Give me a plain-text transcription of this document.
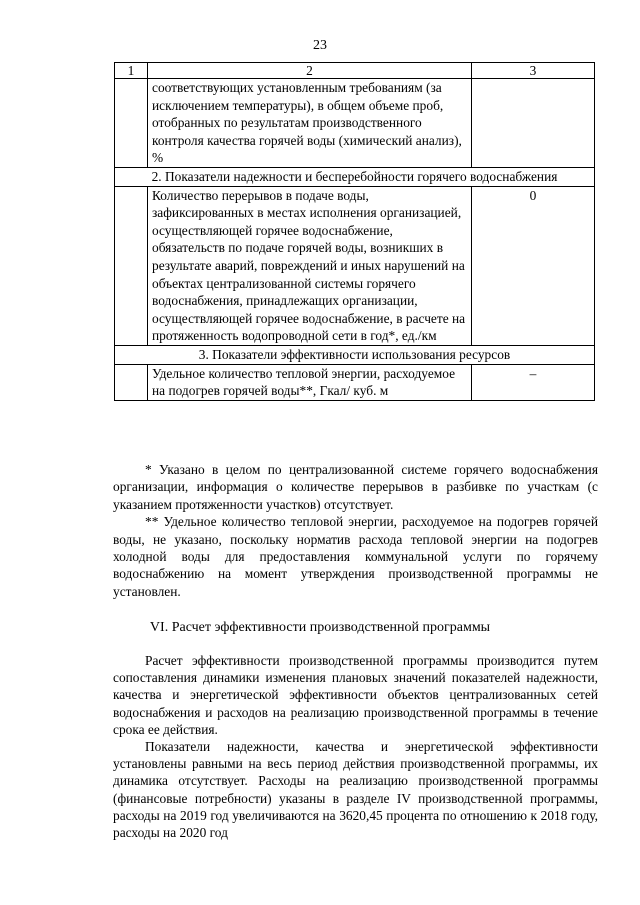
23
1	2	3
	соответствующих установленным требованиям (за исключением температуры), в общем объеме проб, отобранных по результатам производственного контроля качества горячей воды (химический анализ), %	
2. Показатели надежности и бесперебойности горячего водоснабжения		
	Количество перерывов в подаче воды, зафиксированных в местах исполнения организацией, осуществляющей горячее водоснабжение, обязательств по подаче горячей воды, возникших в результате аварий, повреждений и иных нарушений на объектах централизованной системы горячего водоснабжения, принадлежащих организации, осуществляющей горячее водоснабжение, в расчете на протяженность водопроводной сети в год*, ед./км	0
3. Показатели эффективности использования ресурсов		
	Удельное количество тепловой энергии, расходуемое на подогрев горячей воды**, Гкал/ куб. м	–

* Указано в целом по централизованной системе горячего водоснабжения организации, информация о количестве перерывов в разбивке по участкам (с указанием протяженности участков) отсутствует.

** Удельное количество тепловой энергии, расходуемое на подогрев горячей воды, не указано, поскольку норматив расхода тепловой энергии на подогрев холодной воды для предоставления коммунальной услуги по горячему водоснабжению на момент утверждения производственной программы не установлен.

VI. Расчет эффективности производственной программы

Расчет эффективности производственной программы производится путем сопоставления динамики изменения плановых значений показателей надежности, качества и энергетической эффективности объектов централизованных сетей водоснабжения и расходов на реализацию производственной программы в течение срока ее действия.

Показатели надежности, качества и энергетической эффективности установлены равными на весь период действия производственной программы, их динамика отсутствует. Расходы на реализацию производственной программы (финансовые потребности) указаны в разделе IV производственной программы, расходы на 2019 год увеличиваются на 3620,45 процента по отношению к 2018 году, расходы на 2020 год
